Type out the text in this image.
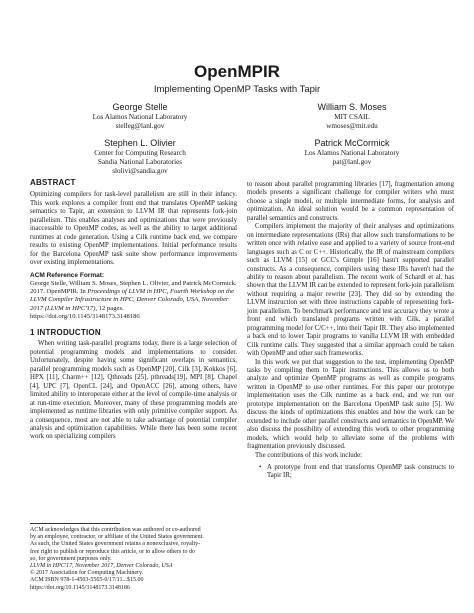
OpenMPIR
Implementing OpenMP Tasks with Tapir
George Stelle
Los Alamos National Laboratory
stelleg@lanl.gov
William S. Moses
MIT CSAIL
wmoses@mit.edu
Stephen L. Olivier
Center for Computing Research
Sandia National Laboratories
slolivi@sandia.gov
Patrick McCormick
Los Alamos National Laboratory
pat@lanl.gov
ABSTRACT

Optimizing compilers for task-level parallelism are still in their infancy. This work explores a compiler front end that translates OpenMP tasking semantics to Tapir, an extension to LLVM IR that represents fork-join parallelism. This enables analyses and optimizations that were previously inaccessible to OpenMP codes, as well as the ability to target additional runtimes at code generation. Using a Cilk runtime back end, we compare results to existing OpenMP implementations. Initial performance results for the Barcelona OpenMP task suite show performance improvements over existing implementations.

ACM Reference Format:
George Stelle, William S. Moses, Stephen L. Olivier, and Patrick McCormick. 2017. OpenMPIR. In Proceedings of LLVM in HPC, Fourth Workshop on the LLVM Compiler Infrastructure in HPC, Denver Colorado, USA, November 2017 (LLVM in HPC'17), 12 pages.
https://doi.org/10.1145/3148173.3148186
1 INTRODUCTION

When writing task-parallel programs today, there is a large selection of potential programming models and implementations to consider. Unfortunately, despite having some significant overlaps in semantics, parallel programming models such as OpenMP [20], Cilk [3], Kokkos [6], HPX [11], Charm++ [12], Qthreads [25], pthreads[19], MPI [8], Chapel [4], UPC [7], OpenCL [24], and OpenACC [26], among others, have limited ability to interoperate either at the level of compile-time analysis or at run-time execution. Moreover, many of these programming models are implemented as runtime libraries with only primitive compiler support. As a consequence, most are not able to take advantage of potential compiler analysis and optimization capabilities. While there has been some recent work on specializing compilers

ACM acknowledges that this contribution was authored or co-authored
by an employee, contractor, or affiliate of the United States government.
As such, the United States government retains a nonexclusive, royalty-
free right to publish or reproduce this article, or to allow others to do
so, for government purposes only.
LLVM in HPC'17, November 2017, Denver Colorado, USA
© 2017 Association for Computing Machinery.
ACM ISBN 978-1-4503-5565-0/17/11...$15.00
https://doi.org/10.1145/3148173.3148186

to reason about parallel programming libraries [17], fragmentation among models presents a significant challenge for compiler writers who must choose a single model, or multiple intermediate forms, for analysis and optimization. An ideal solution would be a common representation of parallel semantics and constructs.

Compilers implement the majority of their analyses and optimizations on intermediate representations (IRs) that allow such transformations to be written once with relative ease and applied to a variety of source front-end languages such as C or C++. Historically, the IR of mainstream compilers such as LLVM [15] or GCC's Gimple [16] hasn't supported parallel constructs. As a consequence, compilers using these IRs haven't had the ability to reason about parallelism. The recent work of Schardl et al. has shown that the LLVM IR can be extended to represent fork-join parallelism without requiring a major rewrite [23]. They did so by extending the LLVM instruction set with three instructions capable of representing fork-join parallelism. To benchmark performance and test accuracy they wrote a front end which translated programs written with Cilk, a parallel programming model for C/C++, into their Tapir IR. They also implemented a back end to lower Tapir programs to vanilla LLVM IR with embedded Cilk runtime calls. They suggested that a similar approach could be taken with OpenMP and other such frameworks.

In this work we put that suggestion to the test, implementing OpenMP tasks by compiling them to Tapir instructions. This allows us to both analyze and optimize OpenMP programs as well as compile programs written in OpenMP to use other runtimes. For this paper our prototype implementation uses the Cilk runtime as a back end, and we run our prototype implementation on the Barcelona OpenMP task suite [5]. We discuss the kinds of optimizations this enables and how the work can be extended to include other parallel constructs and semantics in OpenMP. We also discuss the possibility of extending this work to other programming models, which would help to alleviate some of the problems with fragmentation previously discussed.

The contributions of this work include:

• A prototype front end that transforms OpenMP task constructs to Tapir IR;
